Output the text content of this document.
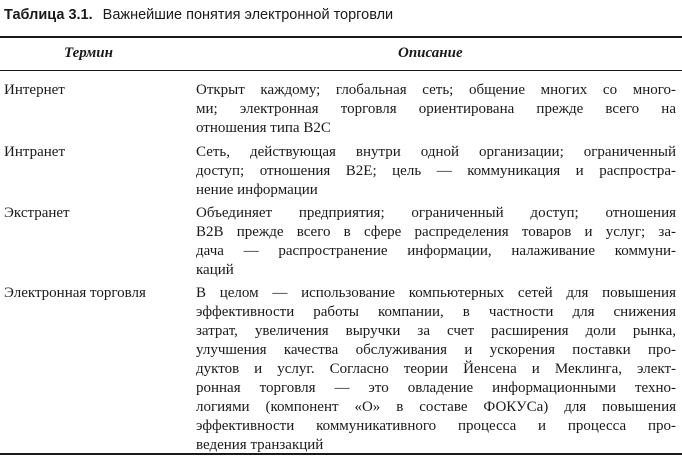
Таблица 3.1. Важнейшие понятия электронной торговли
Термин	Описание
Интернет	Открыт каждому; глобальная сеть; общение многих со много-
ми; электронная торговля ориентирована прежде всего на
отношения типа B2C
Интранет	Сеть, действующая внутри одной организации; ограниченный
доступ; отношения B2E; цель — коммуникация и распростра-
нение информации
Экстранет	Объединяет предприятия; ограниченный доступ; отношения
B2B прежде всего в сфере распределения товаров и услуг; за-
дача — распространение информации, налаживание коммуни-
каций
Электронная торговля	В целом — использование компьютерных сетей для повышения
эффективности работы компании, в частности для снижения
затрат, увеличения выручки за счет расширения доли рынка,
улучшения качества обслуживания и ускорения поставки про-
дуктов и услуг. Согласно теории Йенсена и Меклинга, элект-
ронная торговля — это овладение информационными техно-
логиями (компонент «О» в составе ФОКУСа) для повышения
эффективности коммуникативного процесса и процесса про-
ведения транзакций
